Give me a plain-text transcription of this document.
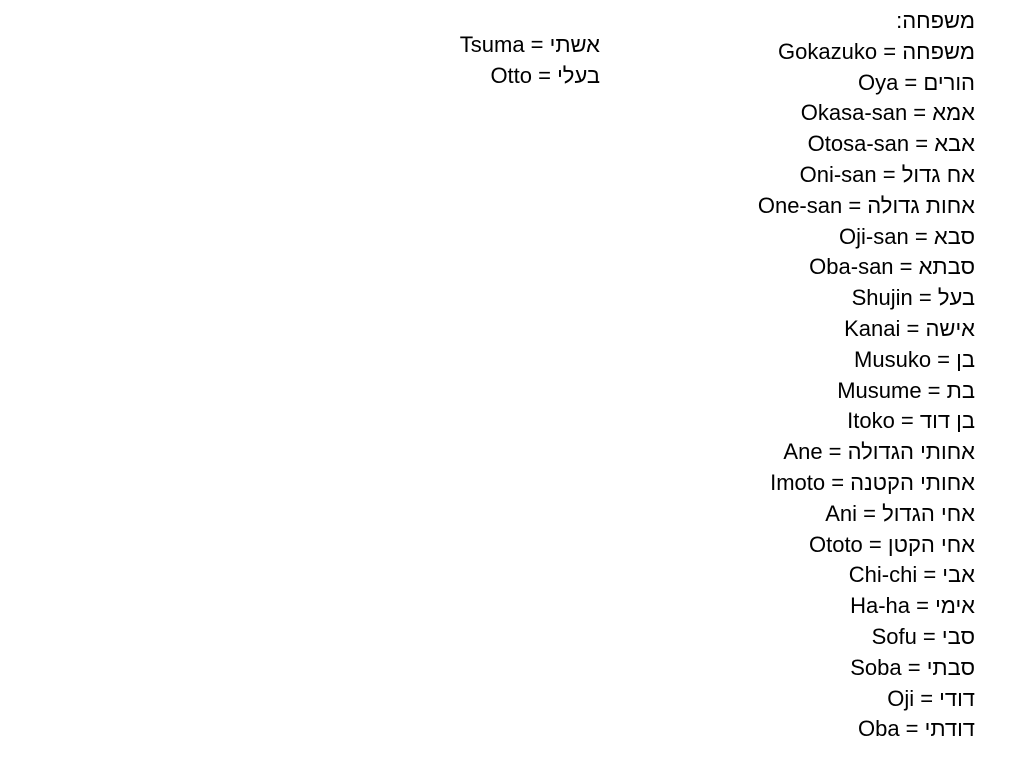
משפחה:
Gokazuko = משפחה
Oya = הורים
Okasa-san = אמא
Otosa-san = אבא
Oni-san = אח גדול
One-san = אחות גדולה
Oji-san = סבא
Oba-san = סבתא
Shujin = בעל
Kanai = אישה
Musuko = בן
Musume = בת
Itoko = בן דוד
Ane = אחותי הגדולה
Imoto = אחותי הקטנה
Ani = אחי הגדול
Ototo = אחי הקטן
Chi-chi = אבי
Ha-ha = אימי
Sofu = סבי
Soba = סבתי
Oji = דודי
Oba = דודתי
Tsuma = אשתי
Otto = בעלי
